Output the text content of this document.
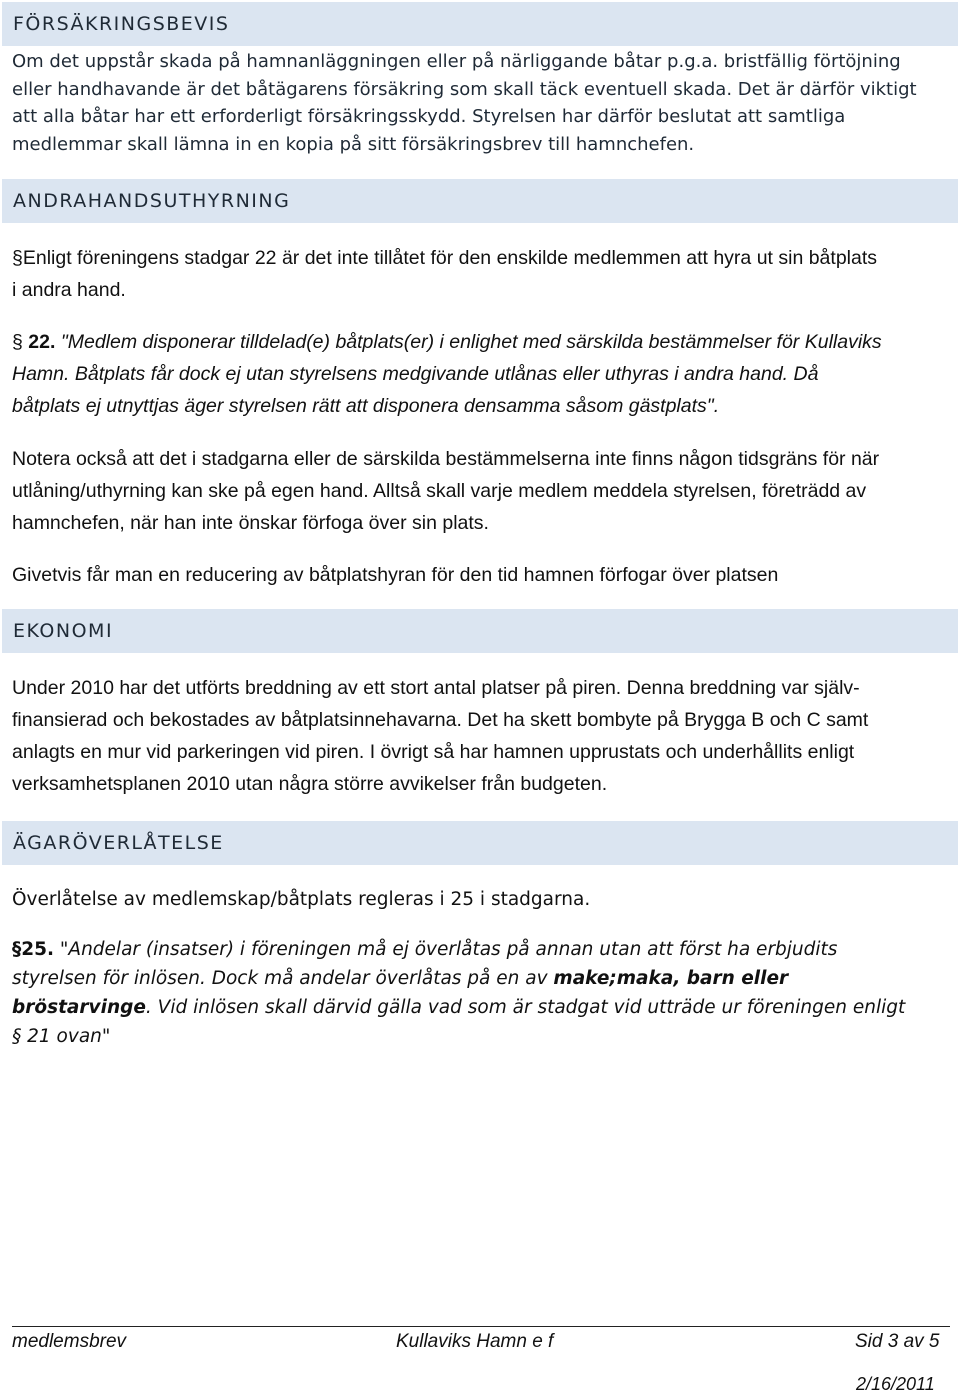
FÖRSÄKRINGSBEVIS
Om det uppstår skada på hamnanläggningen eller på närliggande båtar p.g.a. bristfällig förtöjning
eller handhavande är det båtägarens försäkring som skall täck eventuell skada. Det är därför viktigt
att alla båtar har ett erforderligt försäkringsskydd. Styrelsen har därför beslutat att samtliga
medlemmar skall lämna in en kopia på sitt försäkringsbrev till hamnchefen.
ANDRAHANDSUTHYRNING
§Enligt föreningens stadgar 22 är det inte tillåtet för den enskilde medlemmen att hyra ut sin båtplats
i andra hand.
§ 22. "Medlem disponerar tilldelad(e) båtplats(er) i enlighet med särskilda bestämmelser för Kullaviks
Hamn. Båtplats får dock ej utan styrelsens medgivande utlånas eller uthyras i andra hand. Då
båtplats ej utnyttjas äger styrelsen rätt att disponera densamma såsom gästplats".
Notera också att det i stadgarna eller de särskilda bestämmelserna inte finns någon tidsgräns för när
utlåning/uthyrning kan ske på egen hand. Alltså skall varje medlem meddela styrelsen, företrädd av
hamnchefen, när han inte önskar förfoga över sin plats.
Givetvis får man en reducering av båtplatshyran för den tid hamnen förfogar över platsen
EKONOMI
Under 2010 har det utförts breddning av ett stort antal platser på piren. Denna breddning var själv-
finansierad och bekostades av båtplatsinnehavarna. Det ha skett bombyte på Brygga B och C samt
anlagts en mur vid parkeringen vid piren. I övrigt så har hamnen upprustats och underhållits enligt
verksamhetsplanen 2010 utan några större avvikelser från budgeten.
ÄGARÖVERLÅTELSE
Överlåtelse av medlemskap/båtplats regleras i 25 i stadgarna.
§25. "Andelar (insatser) i föreningen må ej överlåtas på annan utan att först ha erbjudits
styrelsen för inlösen. Dock må andelar överlåtas på en av make;maka, barn eller
bröstarvinge. Vid inlösen skall därvid gälla vad som är stadgat vid utträde ur föreningen enligt
§ 21 ovan"
medlemsbrev	Kullaviks Hamn e f	Sid 3 av 5
2/16/2011
